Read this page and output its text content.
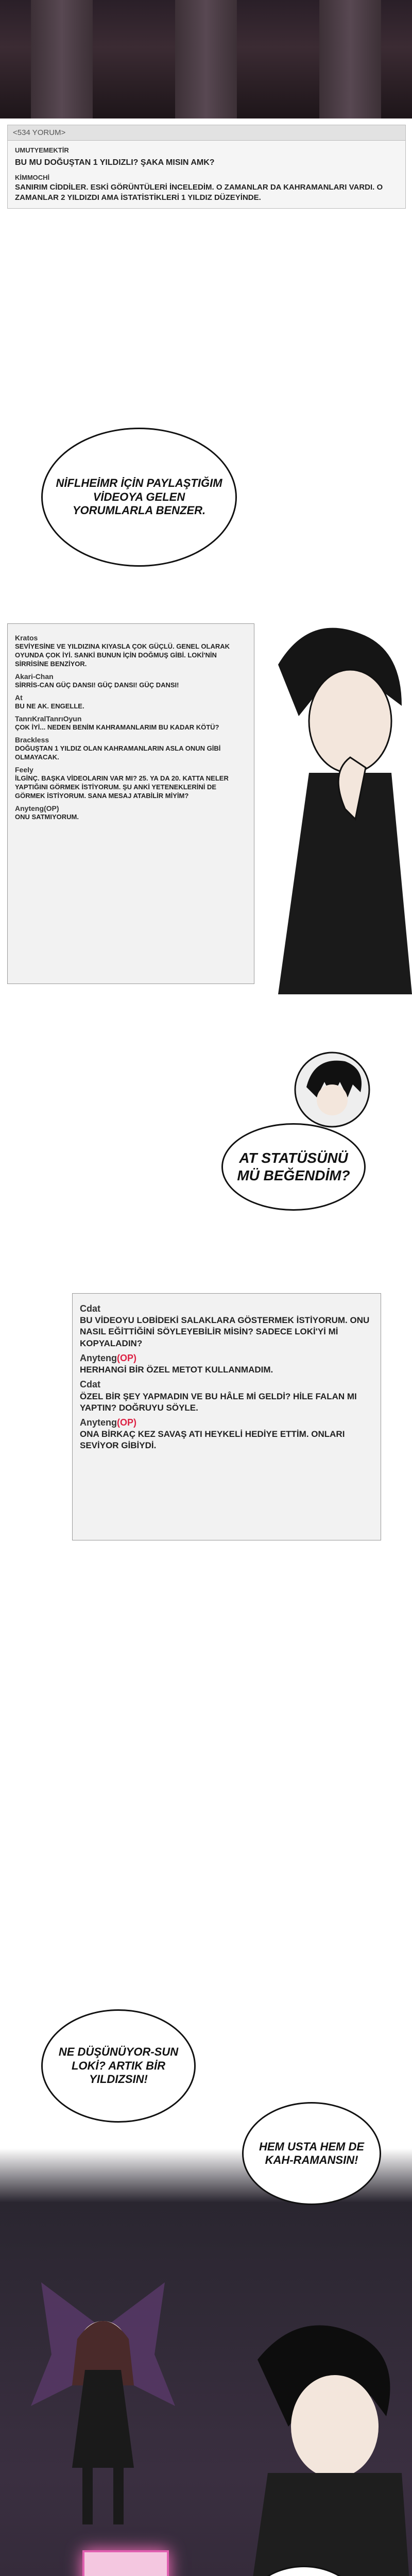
<534 YORUM>
UMUTYEMEKTİR
BU MU DOĞUŞTAN 1 YILDIZLI? ŞAKA MISIN AMK?
KİMMOCHİ
SANIRIM CİDDİLER. ESKİ GÖRÜNTÜLERİ İNCELEDİM. O ZAMANLAR DA KAHRAMANLARI VARDI. O ZAMANLAR 2 YILDIZDI AMA İSTATİSTİKLERİ 1 YILDIZ DÜZEYİNDE.
NİFLHEİMR İÇİN PAYLAŞTIĞIM VİDEOYA GELEN YORUMLARLA BENZER.
Kratos
SEVİYESİNE VE YILDIZINA KIYASLA ÇOK GÜÇLÜ. GENEL OLARAK OYUNDA ÇOK İYİ. SANKİ BUNUN İÇİN DOĞMUŞ GİBİ. LOKİ'NİN SİRRİSİNE BENZİYOR.
Akari-Chan
SİRRİS-CAN GÜÇ DANSI! GÜÇ DANSI! GÜÇ DANSI!
At
BU NE AK. ENGELLE.
TanrıKralTanrıOyun
ÇOK İYİ... NEDEN BENİM KAHRAMANLARIM BU KADAR KÖTÜ?
Brackless
DOĞUŞTAN 1 YILDIZ OLAN KAHRAMANLARIN ASLA ONUN GİBİ OLMAYACAK.
Feely
İLGİNÇ. BAŞKA VİDEOLARIN VAR MI? 25. YA DA 20. KATTA NELER YAPTIĞINI GÖRMEK İSTİYORUM. ŞU ANKİ YETENEKLERİNİ DE GÖRMEK İSTİYORUM. SANA MESAJ ATABİLİR MİYİM?
Anyteng(OP)
ONU SATMIYORUM.
AT STATÜSÜNÜ MÜ BEĞENDİM?
Cdat
BU VİDEOYU LOBİDEKİ SALAKLARA GÖSTERMEK İSTİYORUM. ONU NASIL EĞİTTİĞİNİ SÖYLEYEBİLİR MİSİN? SADECE LOKİ'Yİ Mİ KOPYALADIN?
Anyteng(OP)
HERHANGİ BİR ÖZEL METOT KULLANMADIM.
Cdat
ÖZEL BİR ŞEY YAPMADIN VE BU HÂLE Mİ GELDİ? HİLE FALAN MI YAPTIN? DOĞRUYU SÖYLE.
Anyteng(OP)
ONA BİRKAÇ KEZ SAVAŞ ATI HEYKELİ HEDİYE ETTİM. ONLARI SEVİYOR GİBİYDİ.
NE DÜŞÜNÜYOR-SUN LOKİ? ARTIK BİR YILDIZSIN!
HEM USTA HEM DE KAH-RAMANSIN!
